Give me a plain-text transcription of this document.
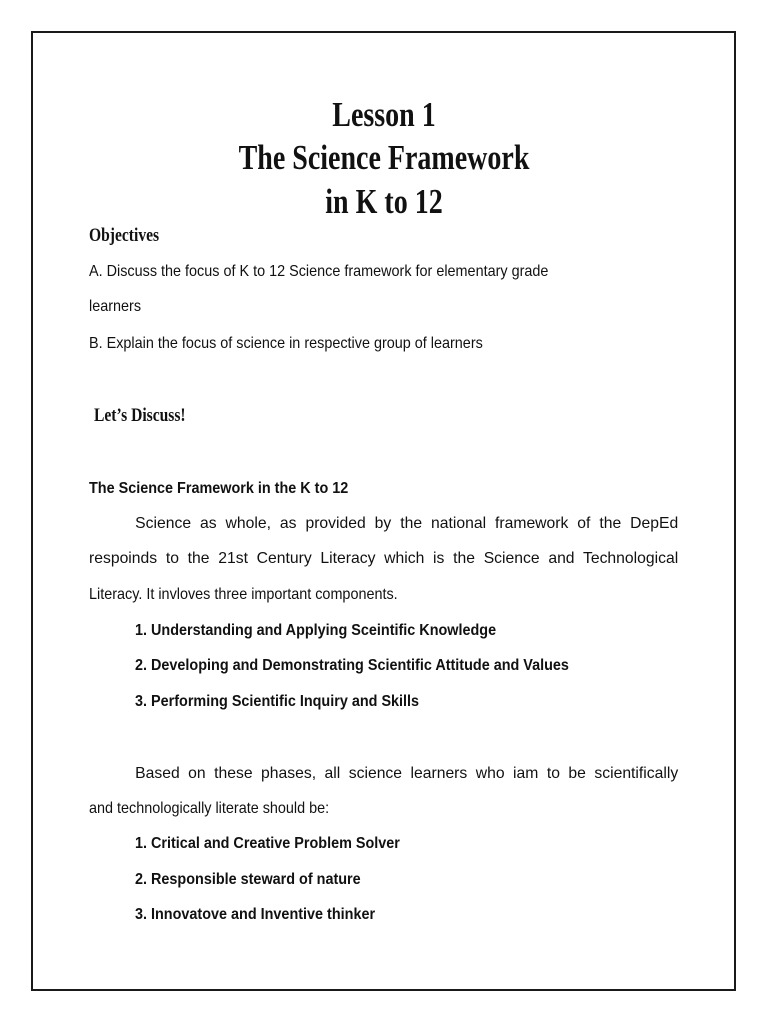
Lesson 1
The Science Framework
in K to 12
Objectives

A. Discuss the focus of K to 12 Science framework for elementary grade

learners

B. Explain the focus of science in respective group of learners

Let’s Discuss!

The Science Framework in the K to 12

Science as whole, as provided by the national framework of the DepEd

respoinds to the 21st Century Literacy which is the Science and Technological

Literacy. It invloves three important components.

1. Understanding and Applying Sceintific Knowledge

2. Developing and Demonstrating Scientific Attitude and Values

3. Performing Scientific Inquiry and Skills

Based on these phases, all science learners who iam to be scientifically

and technologically literate should be:

1. Critical and Creative Problem Solver

2. Responsible steward of nature

3. Innovatove and Inventive thinker
